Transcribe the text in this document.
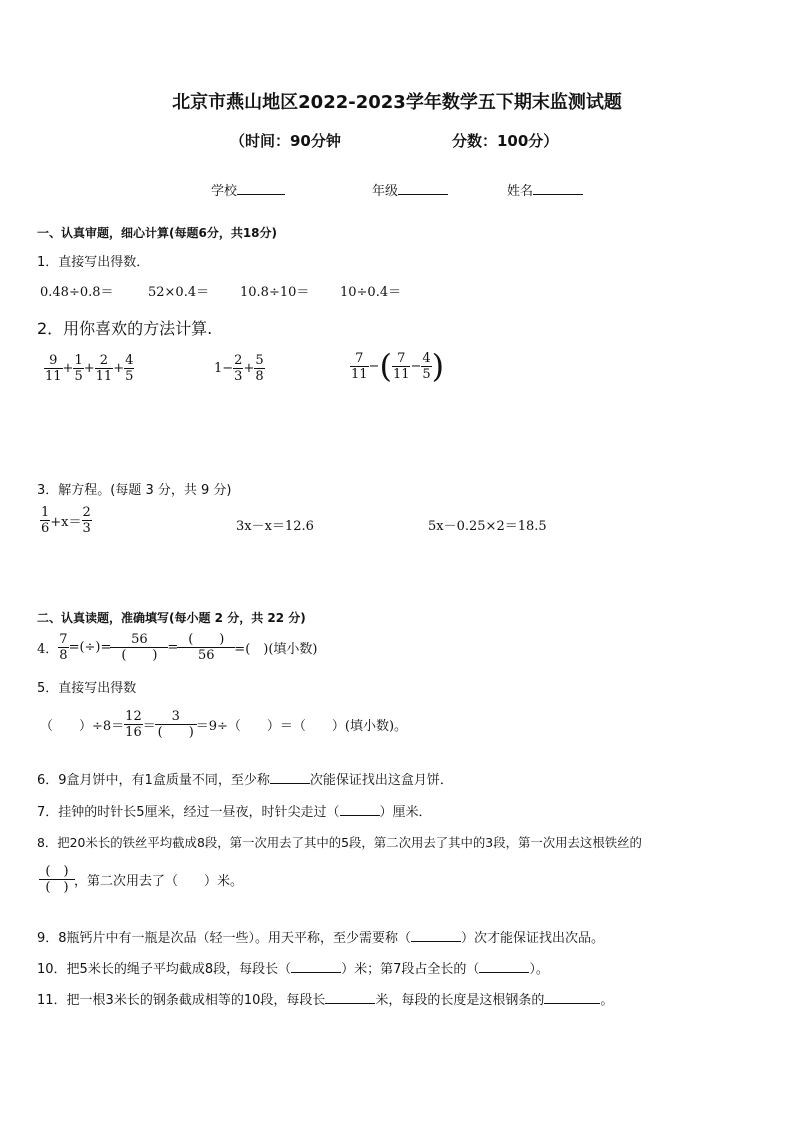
北京市燕山地区2022-2023学年数学五下期末监测试题
（时间：90分钟	分数：100分）
学校	年级	姓名
一、认真审题，细心计算(每题6分，共18分)
1．直接写出得数．
0.48÷0.8＝	52×0.4＝ 10.8÷10＝ 10÷0.4＝
2．用你喜欢的方法计算.
$\frac{9}{11} + \frac{1}{5} + \frac{2}{11} + \frac{4}{5}$	$1- \frac{2}{3} + \frac{5}{8}$	$\frac{7}{11}$ − ( $\frac{7}{11} - \frac{4}{5}$ )
3．解方程。(每题 3 分，共 9 分)
$\frac{1}{6} +x= \frac{2}{3}$	3x－x＝12.6	5x－0.25×2＝18.5
二、认真读题，准确填写(每小题 2 分，共 22 分)
4． $\frac{7}{8}$ =(÷)= $\frac{56}{( )} = \frac{( )}{56}$ =(　)(填小数)
5．直接写出得数
（　　）$\div 8= \frac{12}{16} = \frac{3}{( )} =9\div$（　　）＝（　　）(填小数)。
6．9盒月饼中，有1盒质量不同，至少称	次能保证找出这盒月饼．
7．挂钟的时针长5厘米，经过一昼夜，时针尖走过（	）厘米．
8．把20米长的铁丝平均截成8段，第一次用去了其中的5段，第二次用去了其中的3段，第一次用去这根铁丝的
$\frac{( )}{( )}$ ，第二次用去了（　　）米。
9．8瓶钙片中有一瓶是次品（轻一些）。用天平称，至少需要称（	）次才能保证找出次品。
10．把5米长的绳子平均截成8段，每段长（	）米；第7段占全长的（	）。
11．把一根3米长的钢条截成相等的10段，每段长	米，每段的长度是这根钢条的	。
